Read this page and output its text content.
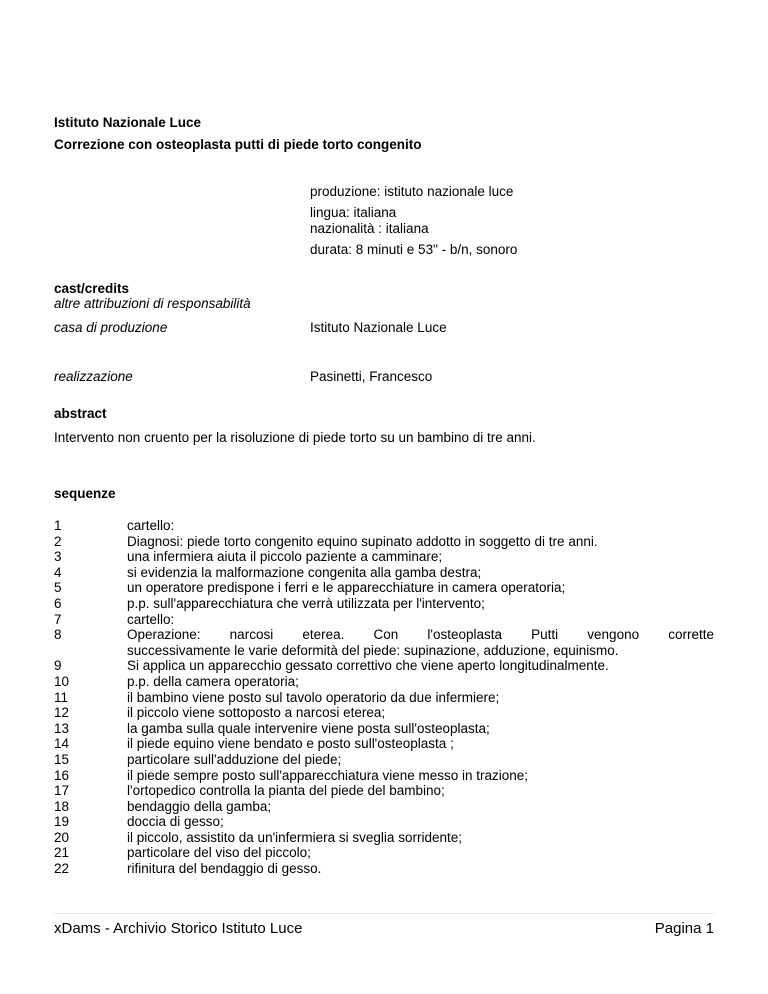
Istituto Nazionale Luce
Correzione con osteoplasta putti di piede torto congenito
produzione: istituto nazionale luce
lingua: italiana
nazionalità : italiana
durata: 8 minuti e 53" - b/n, sonoro
cast/credits
altre attribuzioni di responsabilità
casa di produzione	Istituto Nazionale Luce
realizzazione	Pasinetti, Francesco
abstract
Intervento non cruento per la risoluzione di piede torto su un bambino di tre anni.
sequenze
1	cartello:
2	Diagnosi: piede torto congenito equino supinato addotto in soggetto di tre anni.
3	una infermiera aiuta il piccolo paziente a camminare;
4	si evidenzia la malformazione congenita alla gamba destra;
5	un operatore predispone i ferri e le apparecchiature in camera operatoria;
6	p.p. sull'apparecchiatura che verrà utilizzata per l'intervento;
7	cartello:
8	Operazione: narcosi eterea. Con l'osteoplasta Putti vengono corrette
successivamente le varie deformità del piede: supinazione, adduzione, equinismo.
9	Si applica un apparecchio gessato correttivo che viene aperto longitudinalmente.
10	p.p. della camera operatoria;
11	il bambino viene posto sul tavolo operatorio da due infermiere;
12	il piccolo viene sottoposto a narcosi eterea;
13	la gamba sulla quale intervenire viene posta sull'osteoplasta;
14	il piede equino viene bendato e posto sull'osteoplasta ;
15	particolare sull'adduzione del piede;
16	il piede sempre posto sull'apparecchiatura viene messo in trazione;
17	l'ortopedico controlla la pianta del piede del bambino;
18	bendaggio della gamba;
19	doccia di gesso;
20	il piccolo, assistito da un'infermiera si sveglia sorridente;
21	particolare del viso del piccolo;
22	rifinitura del bendaggio di gesso.
xDams - Archivio Storico Istituto Luce	Pagina 1
